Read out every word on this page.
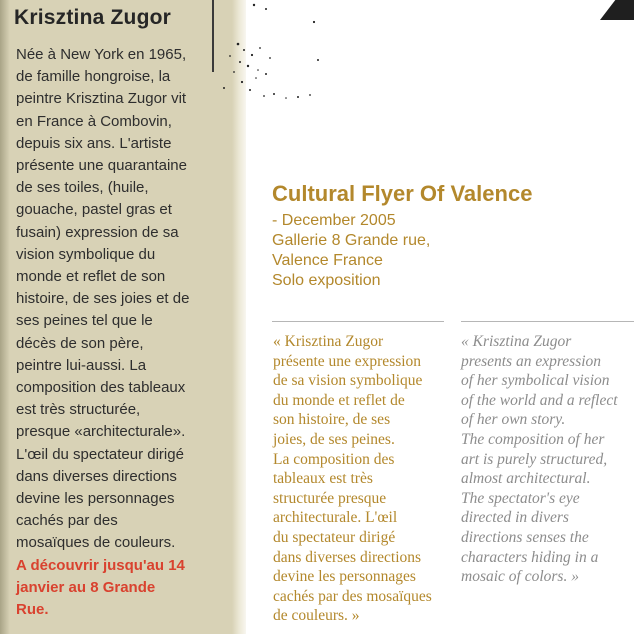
Krisztina Zugor
Née à New York en 1965,
de famille hongroise, la
peintre Krisztina Zugor vit
en France à Combovin,
depuis six ans. L'artiste
présente une quarantaine
de ses toiles, (huile,
gouache, pastel gras et
fusain) expression de sa
vision symbolique du
monde et reflet de son
histoire, de ses joies et de
ses peines tel que le
décès de son père,
peintre lui-aussi. La
composition des tableaux
est très structurée,
presque «architecturale».
L'œil du spectateur dirigé
dans diverses directions
devine les personnages
cachés par des
mosaïques de couleurs.
A découvrir jusqu'au 14
janvier au 8 Grande
Rue.
Cultural Flyer Of Valence
- December 2005
Gallerie 8 Grande rue,
Valence France
Solo exposition
« Krisztina Zugor
présente une expression
de sa vision symbolique
du monde et reflet de
son histoire, de ses
joies, de ses peines.
La composition des
tableaux est très
structurée presque
architecturale. L'œil
du spectateur dirigé
dans diverses directions
devine les personnages
cachés par des mosaïques
de couleurs. »
« Krisztina Zugor
presents an expression
of her symbolical vision
of the world and a reflect
of her own story.
The composition of her
art is purely structured,
almost architectural.
The spectator's eye
directed in divers
directions senses the
characters hiding in a
mosaic of colors. »
